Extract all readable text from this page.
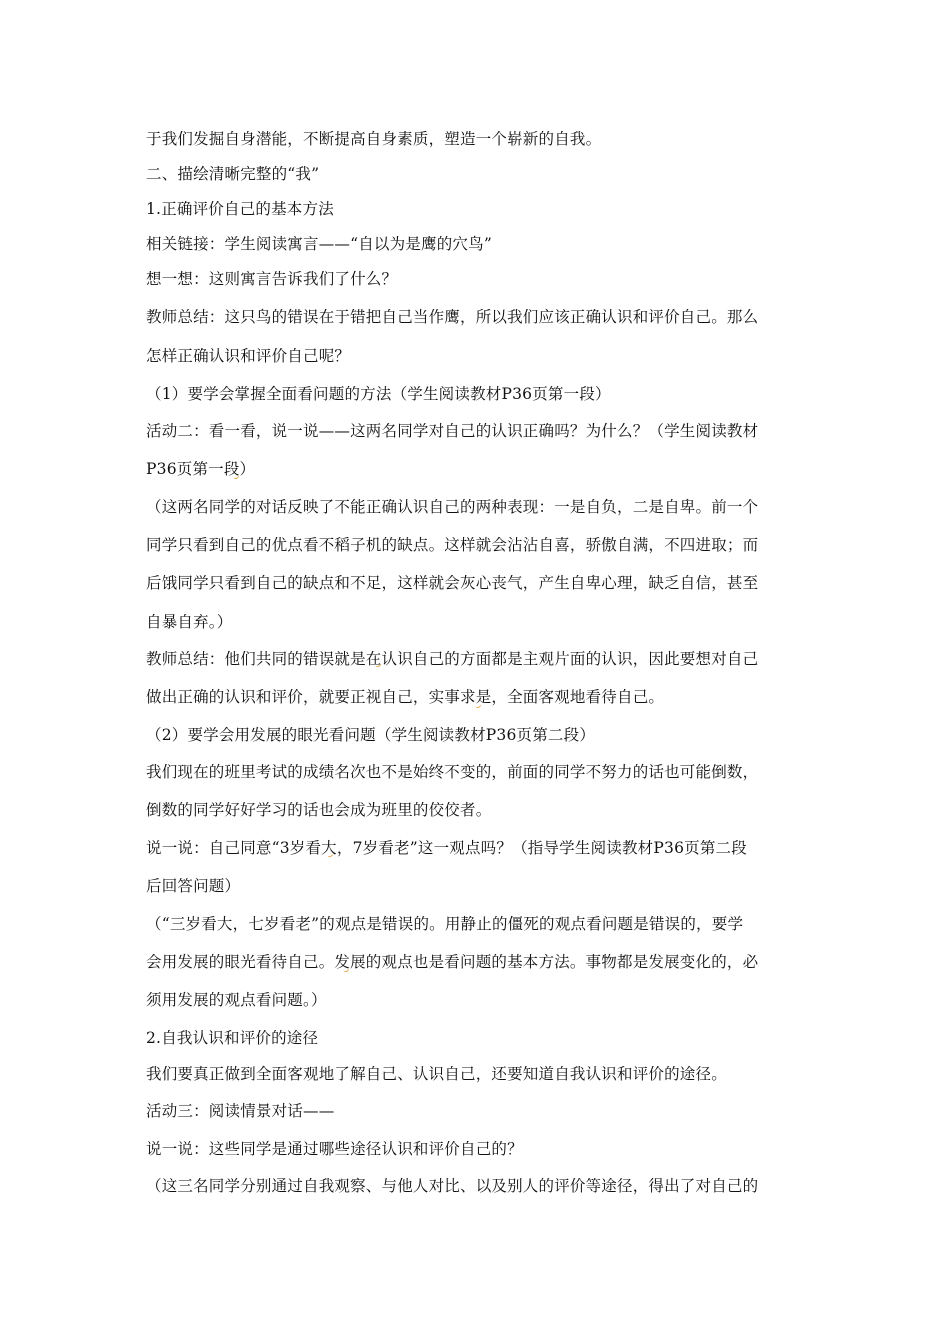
于我们发掘自身潜能，不断提高自身素质，塑造一个崭新的自我。
二、描绘清晰完整的“我”
1.正确评价自己的基本方法
相关链接：学生阅读寓言——“自以为是鹰的穴鸟”
想一想：这则寓言告诉我们了什么？
教师总结：这只鸟的错误在于错把自己当作鹰，所以我们应该正确认识和评价自己。那么
怎样正确认识和评价自己呢？
（1）要学会掌握全面看问题的方法（学生阅读教材P36页第一段）
活动二：看一看，说一说——这两名同学对自己的认识正确吗？为什么？（学生阅读教材
P36页第一段）
（这两名同学的对话反映了不能正确认识自己的两种表现：一是自负，二是自卑。前一个
同学只看到自己的优点看不稻子机的缺点。这样就会沾沾自喜，骄傲自满，不四进取；而
后饿同学只看到自己的缺点和不足，这样就会灰心丧气，产生自卑心理，缺乏自信，甚至
自暴自弃。）
教师总结：他们共同的错误就是在认识自己的方面都是主观片面的认识，因此要想对自己
做出正确的认识和评价，就要正视自己，实事求是，全面客观地看待自己。
（2）要学会用发展的眼光看问题（学生阅读教材P36页第二段）
我们现在的班里考试的成绩名次也不是始终不变的，前面的同学不努力的话也可能倒数，
倒数的同学好好学习的话也会成为班里的佼佼者。
说一说：自己同意“3岁看大，7岁看老”这一观点吗？（指导学生阅读教材P36页第二段
后回答问题）
（“三岁看大，七岁看老”的观点是错误的。用静止的僵死的观点看问题是错误的，要学
会用发展的眼光看待自己。发展的观点也是看问题的基本方法。事物都是发展变化的，必
须用发展的观点看问题。）
2.自我认识和评价的途径
我们要真正做到全面客观地了解自己、认识自己，还要知道自我认识和评价的途径。
活动三：阅读情景对话——
说一说：这些同学是通过哪些途径认识和评价自己的？
（这三名同学分别通过自我观察、与他人对比、以及别人的评价等途径，得出了对自己的
